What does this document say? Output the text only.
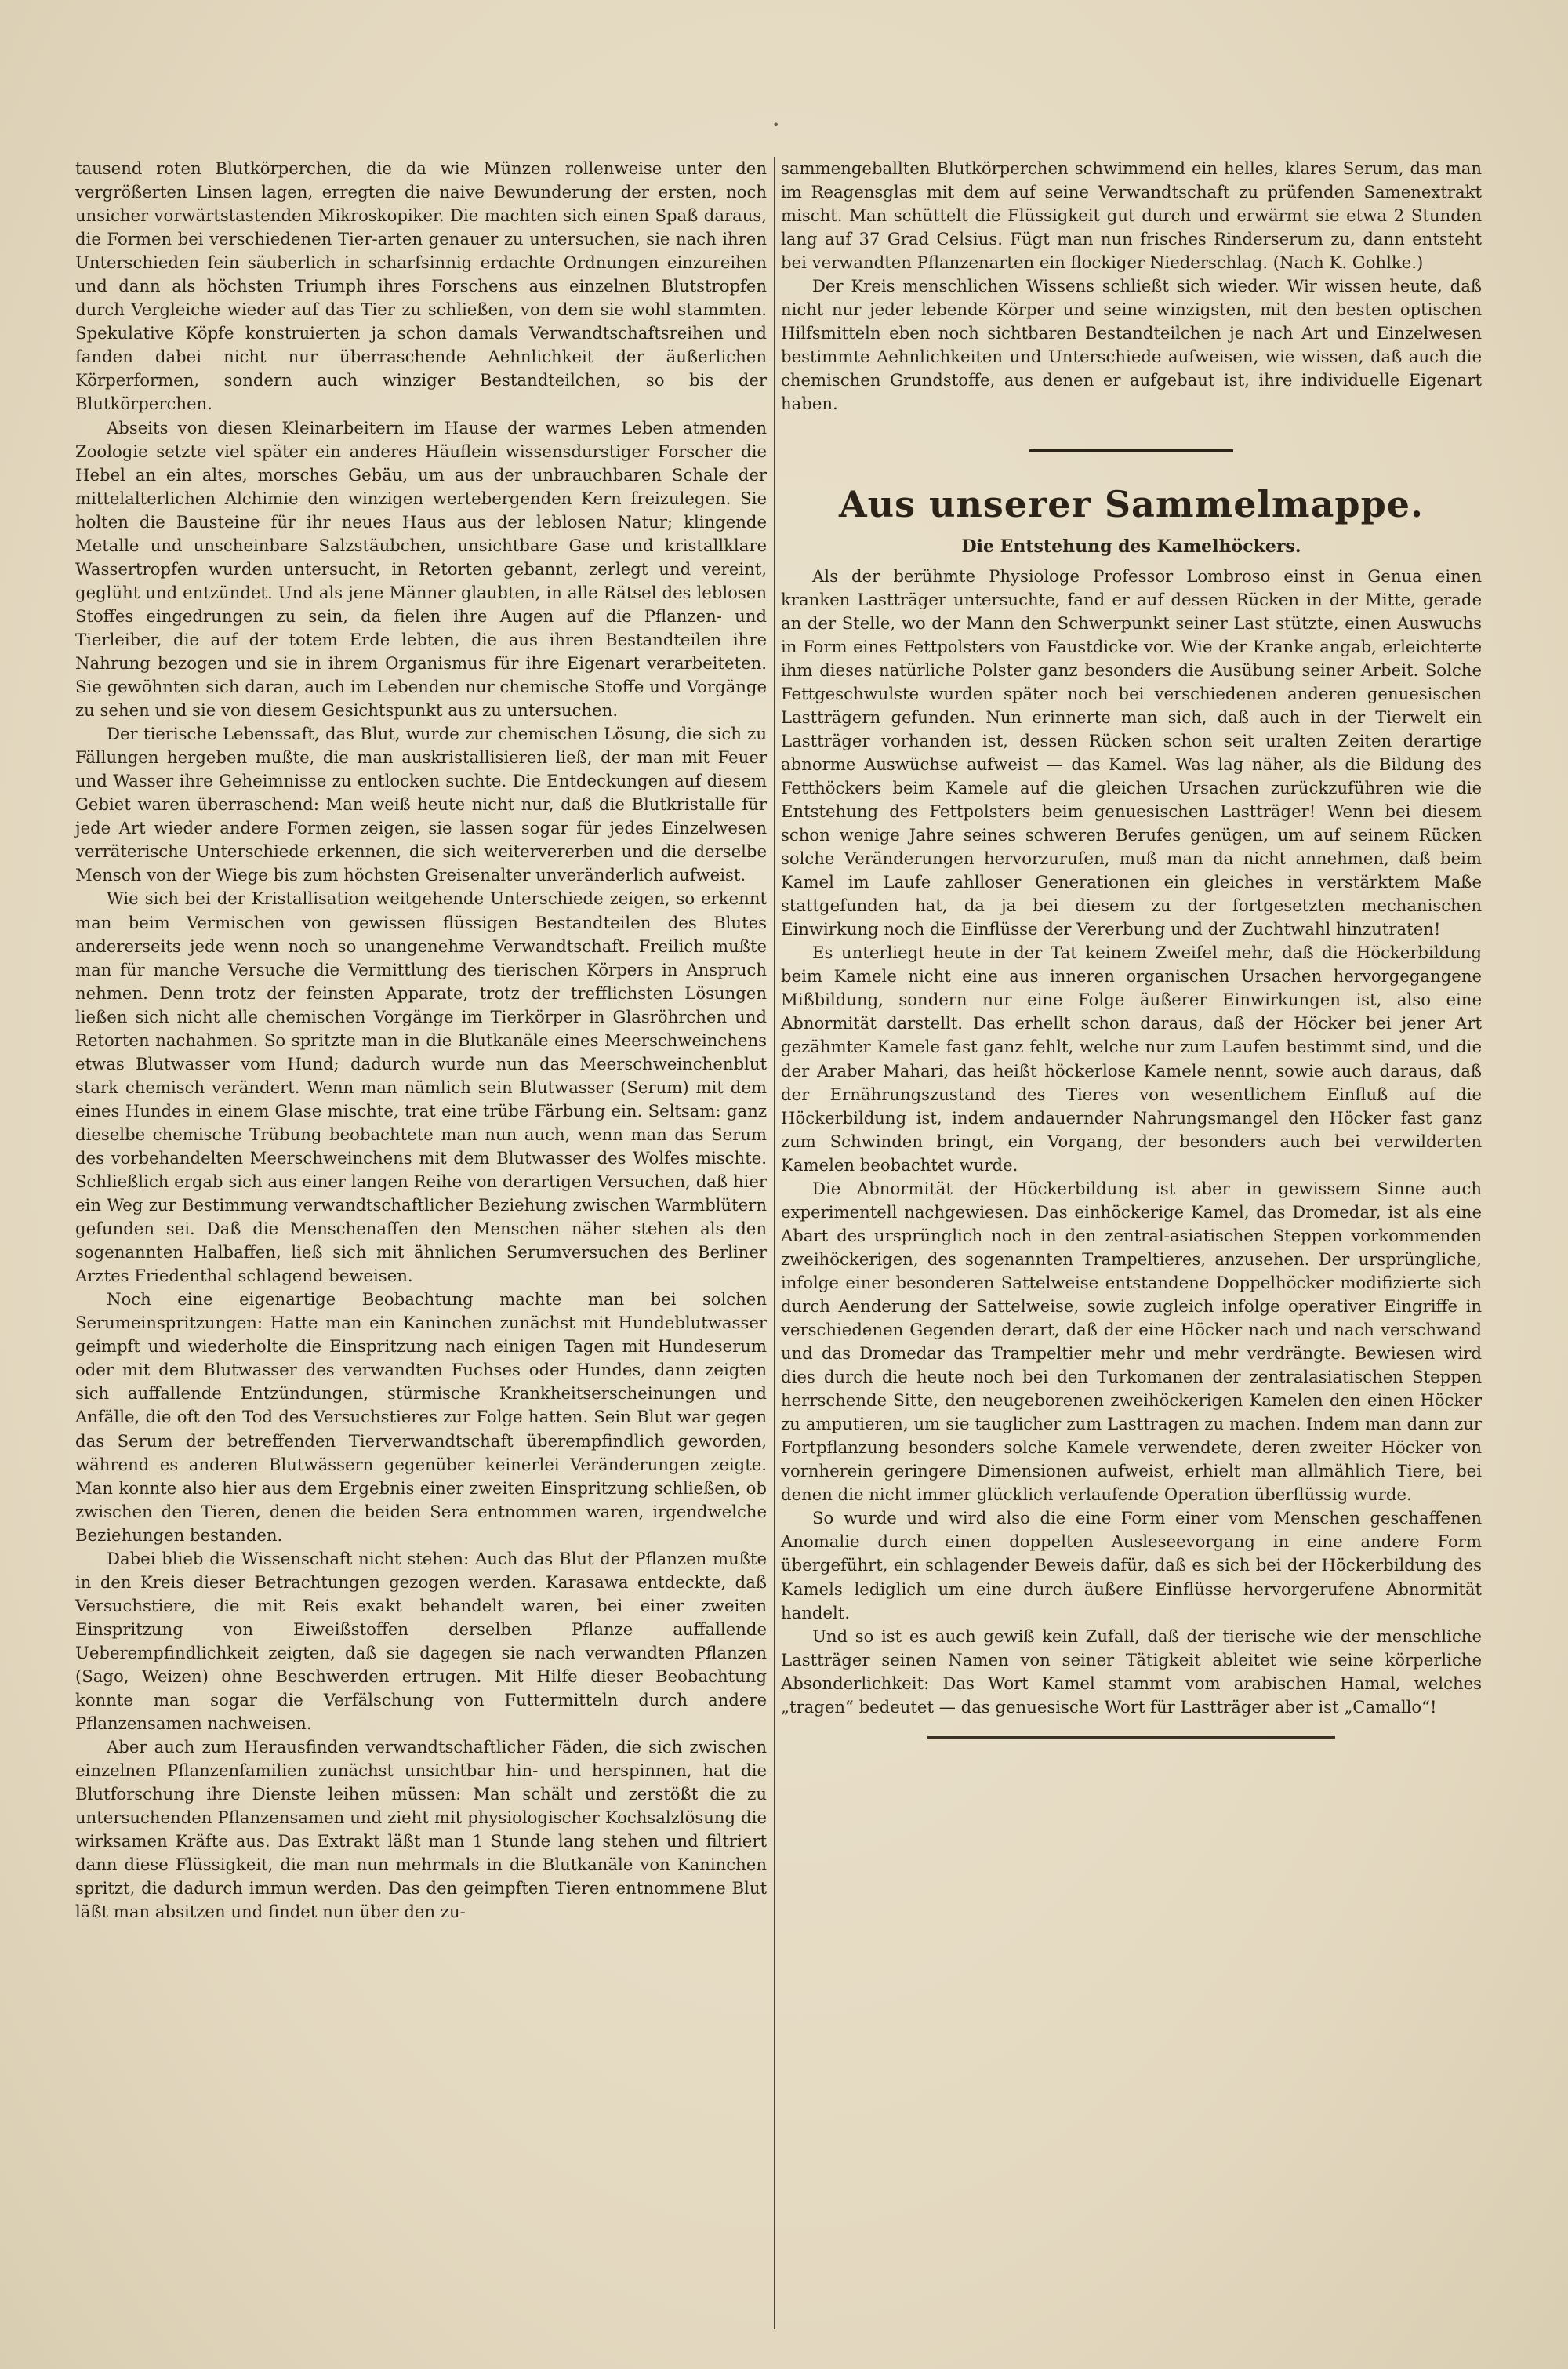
•

tausend roten Blutkörperchen, die da wie Münzen rollenweise unter den vergrößerten Linsen lagen, erregten die naive Bewunderung der ersten, noch unsicher vorwärtstastenden Mikroskopiker. Die machten sich einen Spaß daraus, die Formen bei verschiedenen Tier-arten genauer zu untersuchen, sie nach ihren Unterschieden fein säuberlich in scharfsinnig erdachte Ordnungen einzureihen und dann als höchsten Triumph ihres Forschens aus einzelnen Blutstropfen durch Vergleiche wieder auf das Tier zu schließen, von dem sie wohl stammten. Spekulative Köpfe konstruierten ja schon damals Verwandtschaftsreihen und fanden dabei nicht nur überraschende Aehnlichkeit der äußerlichen Körperformen, sondern auch winziger Bestandteilchen, so bis der Blutkörperchen.

Abseits von diesen Kleinarbeitern im Hause der warmes Leben atmenden Zoologie setzte viel später ein anderes Häuflein wissensdurstiger Forscher die Hebel an ein altes, morsches Gebäu, um aus der unbrauchbaren Schale der mittelalterlichen Alchimie den winzigen wertebergenden Kern freizulegen. Sie holten die Bausteine für ihr neues Haus aus der leblosen Natur; klingende Metalle und unscheinbare Salzstäubchen, unsichtbare Gase und kristallklare Wassertropfen wurden untersucht, in Retorten gebannt, zerlegt und vereint, geglüht und entzündet. Und als jene Männer glaubten, in alle Rätsel des leblosen Stoffes eingedrungen zu sein, da fielen ihre Augen auf die Pflanzen- und Tierleiber, die auf der totem Erde lebten, die aus ihren Bestandteilen ihre Nahrung bezogen und sie in ihrem Organismus für ihre Eigenart verarbeiteten. Sie gewöhnten sich daran, auch im Lebenden nur chemische Stoffe und Vorgänge zu sehen und sie von diesem Gesichtspunkt aus zu untersuchen.

Der tierische Lebenssaft, das Blut, wurde zur chemischen Lösung, die sich zu Fällungen hergeben mußte, die man auskristallisieren ließ, der man mit Feuer und Wasser ihre Geheimnisse zu entlocken suchte. Die Entdeckungen auf diesem Gebiet waren überraschend: Man weiß heute nicht nur, daß die Blutkristalle für jede Art wieder andere Formen zeigen, sie lassen sogar für jedes Einzelwesen verräterische Unterschiede erkennen, die sich weitervererben und die derselbe Mensch von der Wiege bis zum höchsten Greisenalter unveränderlich aufweist.

Wie sich bei der Kristallisation weitgehende Unterschiede zeigen, so erkennt man beim Vermischen von gewissen flüssigen Bestandteilen des Blutes andererseits jede wenn noch so unangenehme Verwandtschaft. Freilich mußte man für manche Versuche die Vermittlung des tierischen Körpers in Anspruch nehmen. Denn trotz der feinsten Apparate, trotz der trefflichsten Lösungen ließen sich nicht alle chemischen Vorgänge im Tierkörper in Glasröhrchen und Retorten nachahmen. So spritzte man in die Blutkanäle eines Meerschweinchens etwas Blutwasser vom Hund; dadurch wurde nun das Meerschweinchenblut stark chemisch verändert. Wenn man nämlich sein Blutwasser (Serum) mit dem eines Hundes in einem Glase mischte, trat eine trübe Färbung ein. Seltsam: ganz dieselbe chemische Trübung beobachtete man nun auch, wenn man das Serum des vorbehandelten Meerschweinchens mit dem Blutwasser des Wolfes mischte. Schließlich ergab sich aus einer langen Reihe von derartigen Versuchen, daß hier ein Weg zur Bestimmung verwandtschaftlicher Beziehung zwischen Warmblütern gefunden sei. Daß die Menschenaffen den Menschen näher stehen als den sogenannten Halbaffen, ließ sich mit ähnlichen Serumversuchen des Berliner Arztes Friedenthal schlagend beweisen.

Noch eine eigenartige Beobachtung machte man bei solchen Serumeinspritzungen: Hatte man ein Kaninchen zunächst mit Hundeblutwasser geimpft und wiederholte die Einspritzung nach einigen Tagen mit Hundeserum oder mit dem Blutwasser des verwandten Fuchses oder Hundes, dann zeigten sich auffallende Entzündungen, stürmische Krankheitserscheinungen und Anfälle, die oft den Tod des Versuchstieres zur Folge hatten. Sein Blut war gegen das Serum der betreffenden Tierverwandtschaft überempfindlich geworden, während es anderen Blutwässern gegenüber keinerlei Veränderungen zeigte. Man konnte also hier aus dem Ergebnis einer zweiten Einspritzung schließen, ob zwischen den Tieren, denen die beiden Sera entnommen waren, irgendwelche Beziehungen bestanden.

Dabei blieb die Wissenschaft nicht stehen: Auch das Blut der Pflanzen mußte in den Kreis dieser Betrachtungen gezogen werden. Karasawa entdeckte, daß Versuchstiere, die mit Reis exakt behandelt waren, bei einer zweiten Einspritzung von Eiweißstoffen derselben Pflanze auffallende Ueberempfindlichkeit zeigten, daß sie dagegen sie nach verwandten Pflanzen (Sago, Weizen) ohne Beschwerden ertrugen. Mit Hilfe dieser Beobachtung konnte man sogar die Verfälschung von Futtermitteln durch andere Pflanzensamen nachweisen.

Aber auch zum Herausfinden verwandtschaftlicher Fäden, die sich zwischen einzelnen Pflanzenfamilien zunächst unsichtbar hin- und herspinnen, hat die Blutforschung ihre Dienste leihen müssen: Man schält und zerstößt die zu untersuchenden Pflanzensamen und zieht mit physiologischer Kochsalzlösung die wirksamen Kräfte aus. Das Extrakt läßt man 1 Stunde lang stehen und filtriert dann diese Flüssigkeit, die man nun mehrmals in die Blutkanäle von Kaninchen spritzt, die dadurch immun werden. Das den geimpften Tieren entnommene Blut läßt man absitzen und findet nun über den zu-

sammengeballten Blutkörperchen schwimmend ein helles, klares Serum, das man im Reagensglas mit dem auf seine Verwandtschaft zu prüfenden Samenextrakt mischt. Man schüttelt die Flüssigkeit gut durch und erwärmt sie etwa 2 Stunden lang auf 37 Grad Celsius. Fügt man nun frisches Rinderserum zu, dann entsteht bei verwandten Pflanzenarten ein flockiger Niederschlag. (Nach K. Gohlke.)

Der Kreis menschlichen Wissens schließt sich wieder. Wir wissen heute, daß nicht nur jeder lebende Körper und seine winzigsten, mit den besten optischen Hilfsmitteln eben noch sichtbaren Bestandteilchen je nach Art und Einzelwesen bestimmte Aehnlichkeiten und Unterschiede aufweisen, wie wissen, daß auch die chemischen Grundstoffe, aus denen er aufgebaut ist, ihre individuelle Eigenart haben.

Aus unserer Sammelmappe.
Die Entstehung des Kamelhöckers.

Als der berühmte Physiologe Professor Lombroso einst in Genua einen kranken Lastträger untersuchte, fand er auf dessen Rücken in der Mitte, gerade an der Stelle, wo der Mann den Schwerpunkt seiner Last stützte, einen Auswuchs in Form eines Fettpolsters von Faustdicke vor. Wie der Kranke angab, erleichterte ihm dieses natürliche Polster ganz besonders die Ausübung seiner Arbeit. Solche Fettgeschwulste wurden später noch bei verschiedenen anderen genuesischen Lastträgern gefunden. Nun erinnerte man sich, daß auch in der Tierwelt ein Lastträger vorhanden ist, dessen Rücken schon seit uralten Zeiten derartige abnorme Auswüchse aufweist — das Kamel. Was lag näher, als die Bildung des Fetthöckers beim Kamele auf die gleichen Ursachen zurückzuführen wie die Entstehung des Fettpolsters beim genuesischen Lastträger! Wenn bei diesem schon wenige Jahre seines schweren Berufes genügen, um auf seinem Rücken solche Veränderungen hervorzurufen, muß man da nicht annehmen, daß beim Kamel im Laufe zahlloser Generationen ein gleiches in verstärktem Maße stattgefunden hat, da ja bei diesem zu der fortgesetzten mechanischen Einwirkung noch die Einflüsse der Vererbung und der Zuchtwahl hinzutraten!

Es unterliegt heute in der Tat keinem Zweifel mehr, daß die Höckerbildung beim Kamele nicht eine aus inneren organischen Ursachen hervorgegangene Mißbildung, sondern nur eine Folge äußerer Einwirkungen ist, also eine Abnormität darstellt. Das erhellt schon daraus, daß der Höcker bei jener Art gezähmter Kamele fast ganz fehlt, welche nur zum Laufen bestimmt sind, und die der Araber Mahari, das heißt höckerlose Kamele nennt, sowie auch daraus, daß der Ernährungszustand des Tieres von wesentlichem Einfluß auf die Höckerbildung ist, indem andauernder Nahrungsmangel den Höcker fast ganz zum Schwinden bringt, ein Vorgang, der besonders auch bei verwilderten Kamelen beobachtet wurde.

Die Abnormität der Höckerbildung ist aber in gewissem Sinne auch experimentell nachgewiesen. Das einhöckerige Kamel, das Dromedar, ist als eine Abart des ursprünglich noch in den zentral-asiatischen Steppen vorkommenden zweihöckerigen, des sogenannten Trampeltieres, anzusehen. Der ursprüngliche, infolge einer besonderen Sattelweise entstandene Doppelhöcker modifizierte sich durch Aenderung der Sattelweise, sowie zugleich infolge operativer Eingriffe in verschiedenen Gegenden derart, daß der eine Höcker nach und nach verschwand und das Dromedar das Trampeltier mehr und mehr verdrängte. Bewiesen wird dies durch die heute noch bei den Turkomanen der zentralasiatischen Steppen herrschende Sitte, den neugeborenen zweihöckerigen Kamelen den einen Höcker zu amputieren, um sie tauglicher zum Lasttragen zu machen. Indem man dann zur Fortpflanzung besonders solche Kamele verwendete, deren zweiter Höcker von vornherein geringere Dimensionen aufweist, erhielt man allmählich Tiere, bei denen die nicht immer glücklich verlaufende Operation überflüssig wurde.

So wurde und wird also die eine Form einer vom Menschen geschaffenen Anomalie durch einen doppelten Ausleseevorgang in eine andere Form übergeführt, ein schlagender Beweis dafür, daß es sich bei der Höckerbildung des Kamels lediglich um eine durch äußere Einflüsse hervorgerufene Abnormität handelt.

Und so ist es auch gewiß kein Zufall, daß der tierische wie der menschliche Lastträger seinen Namen von seiner Tätigkeit ableitet wie seine körperliche Absonderlichkeit: Das Wort Kamel stammt vom arabischen Hamal, welches „tragen“ bedeutet — das genuesische Wort für Lastträger aber ist „Camallo“!
